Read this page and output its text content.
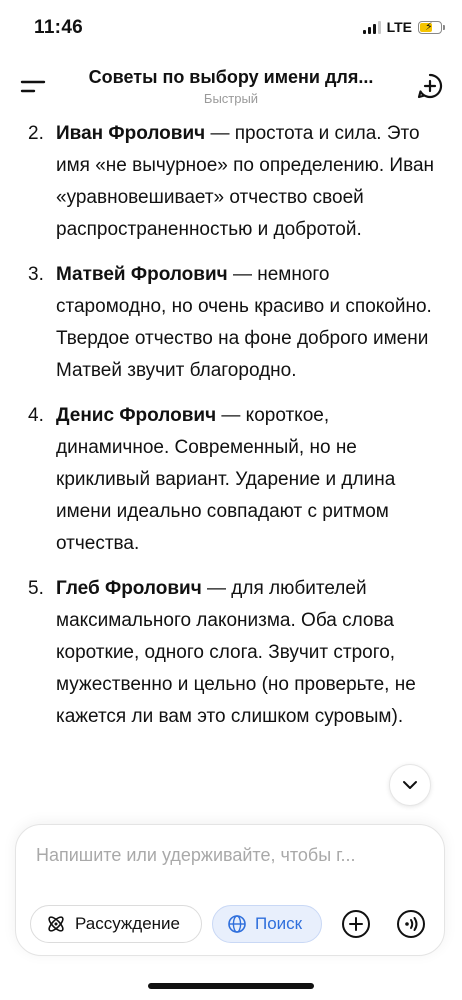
11:46	LTE ⚡
Советы по выбору имени для...
Быстрый
2. Иван Фролович — простота и сила. Это имя «не вычурное» по определению. Иван «уравновешивает» отчество своей распространенностью и добротой.
3. Матвей Фролович — немного старомодно, но очень красиво и спокойно. Твердое отчество на фоне доброго имени Матвей звучит благородно.
4. Денис Фролович — короткое, динамичное. Современный, но не крикливый вариант. Ударение и длина имени идеально совпадают с ритмом отчества.
5. Глеб Фролович — для любителей максимального лаконизма. Оба слова короткие, одного слога. Звучит строго, мужественно и цельно (но проверьте, не кажется ли вам это слишком суровым).
Напишите или удерживайте, чтобы г...
Рассуждение	Поиск
